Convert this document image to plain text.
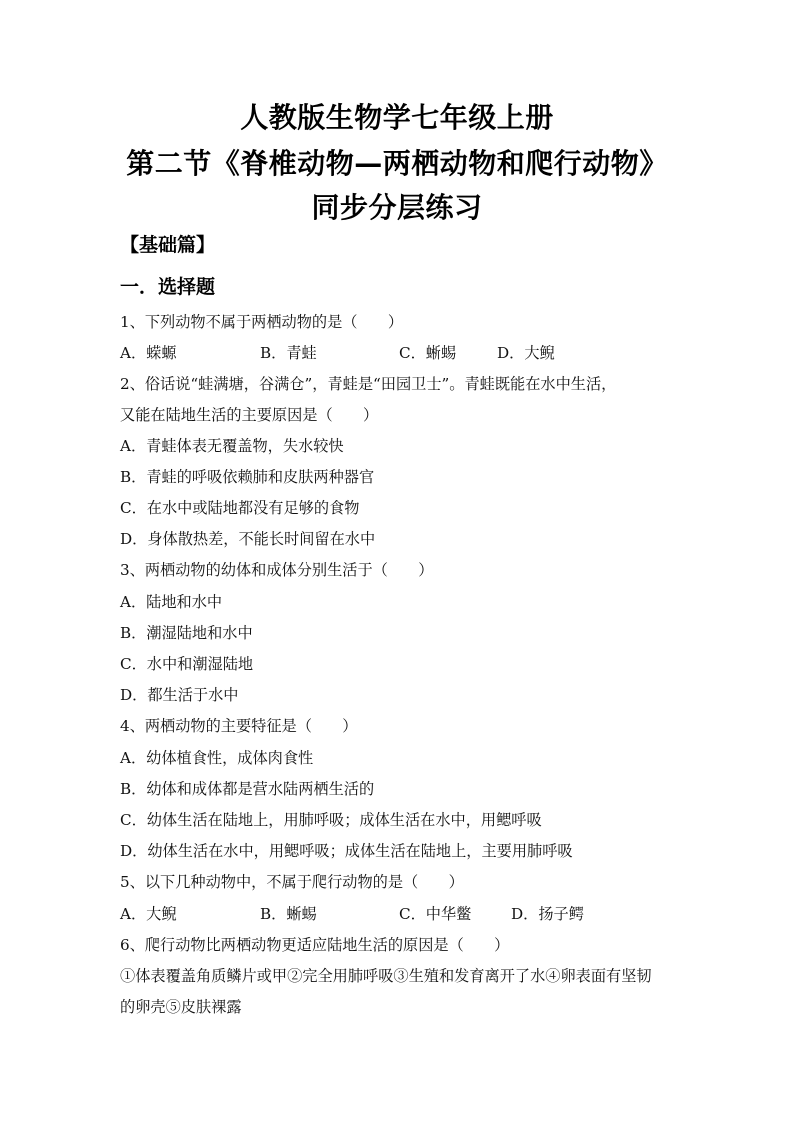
人教版生物学七年级上册
第二节《脊椎动物—两栖动物和爬行动物》
同步分层练习
【基础篇】
一．选择题
1、下列动物不属于两栖动物的是（　　）
A．蝾螈	B．青蛙	C．蜥蜴	D．大鲵
2、俗话说“蛙满塘，谷满仓”，青蛙是“田园卫士”。青蛙既能在水中生活，
又能在陆地生活的主要原因是（　　）
A．青蛙体表无覆盖物，失水较快
B．青蛙的呼吸依赖肺和皮肤两种器官
C．在水中或陆地都没有足够的食物
D．身体散热差，不能长时间留在水中
3、两栖动物的幼体和成体分别生活于（　　）
A．陆地和水中
B．潮湿陆地和水中
C．水中和潮湿陆地
D．都生活于水中
4、两栖动物的主要特征是（　　）
A．幼体植食性，成体肉食性
B．幼体和成体都是营水陆两栖生活的
C．幼体生活在陆地上，用肺呼吸；成体生活在水中，用鳃呼吸
D．幼体生活在水中，用鳃呼吸；成体生活在陆地上，主要用肺呼吸
5、以下几种动物中，不属于爬行动物的是（　　）
A．大鲵	B．蜥蜴	C．中华鳖	D．扬子鳄
6、爬行动物比两栖动物更适应陆地生活的原因是（　　）
①体表覆盖角质鳞片或甲②完全用肺呼吸③生殖和发育离开了水④卵表面有坚韧
的卵壳⑤皮肤裸露
